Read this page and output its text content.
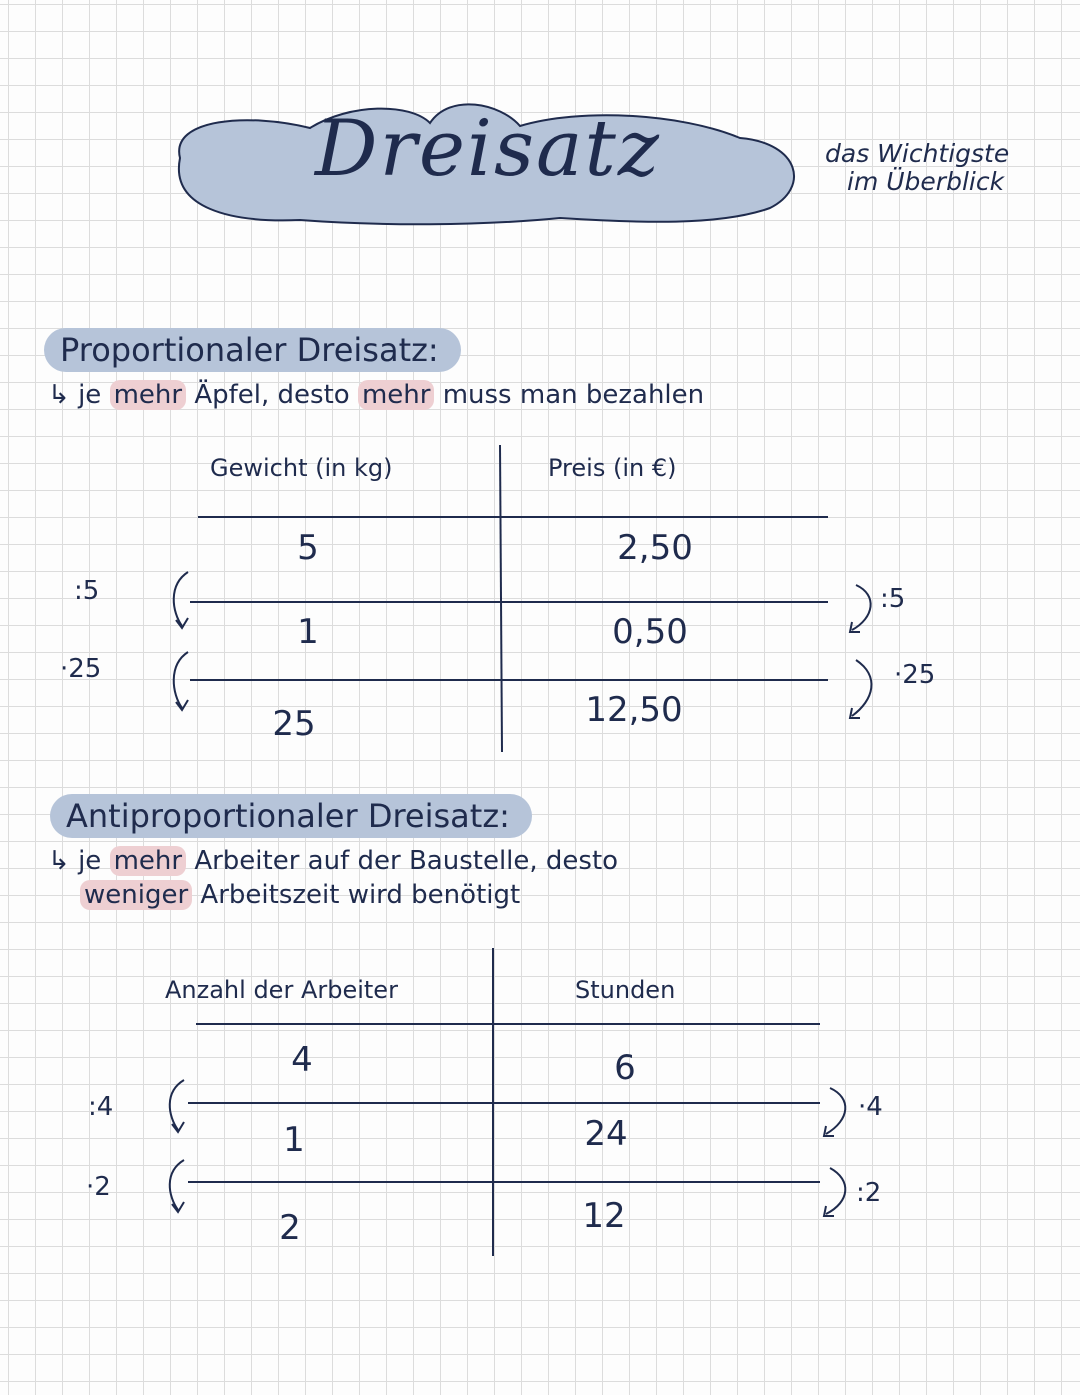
Dreisatz	das Wichtigste
im Überblick
Proportionaler Dreisatz:
↳ je mehr Äpfel, desto mehr muss man bezahlen
Gewicht (in kg)	Preis (in €)
5	2,50
1	0,50
25	12,50
:5
·25
:5
·25
Antiproportionaler Dreisatz:
↳ je mehr Arbeiter auf der Baustelle, desto
weniger Arbeitszeit wird benötigt
Anzahl der Arbeiter	Stunden
4	6
1	24
2	12
:4
·2
·4
:2
